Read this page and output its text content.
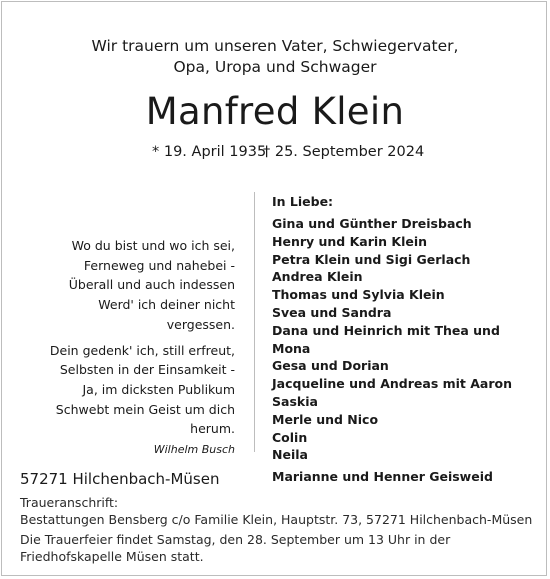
Wir trauern um unseren Vater, Schwiegervater,
Opa, Uropa und Schwager
Manfred Klein
* 19. April 1935
† 25. September 2024
Wo du bist und wo ich sei,
Ferneweg und nahebei -
Überall und auch indessen
Werd' ich deiner nicht vergessen.
Dein gedenk' ich, still erfreut,
Selbsten in der Einsamkeit -
Ja, im dicksten Publikum
Schwebt mein Geist um dich herum.
Wilhelm Busch
In Liebe:
Gina und Günther Dreisbach
Henry und Karin Klein
Petra Klein und Sigi Gerlach
Andrea Klein
Thomas und Sylvia Klein
Svea und Sandra
Dana und Heinrich mit Thea und Mona
Gesa und Dorian
Jacqueline und Andreas mit Aaron
Saskia
Merle und Nico
Colin
Neila
Marianne und Henner Geisweid
57271 Hilchenbach-Müsen
Traueranschrift:
Bestattungen Bensberg c/o Familie Klein, Hauptstr. 73, 57271 Hilchenbach-Müsen
Die Trauerfeier findet Samstag, den 28. September um 13 Uhr in der Friedhofskapelle Müsen statt.
